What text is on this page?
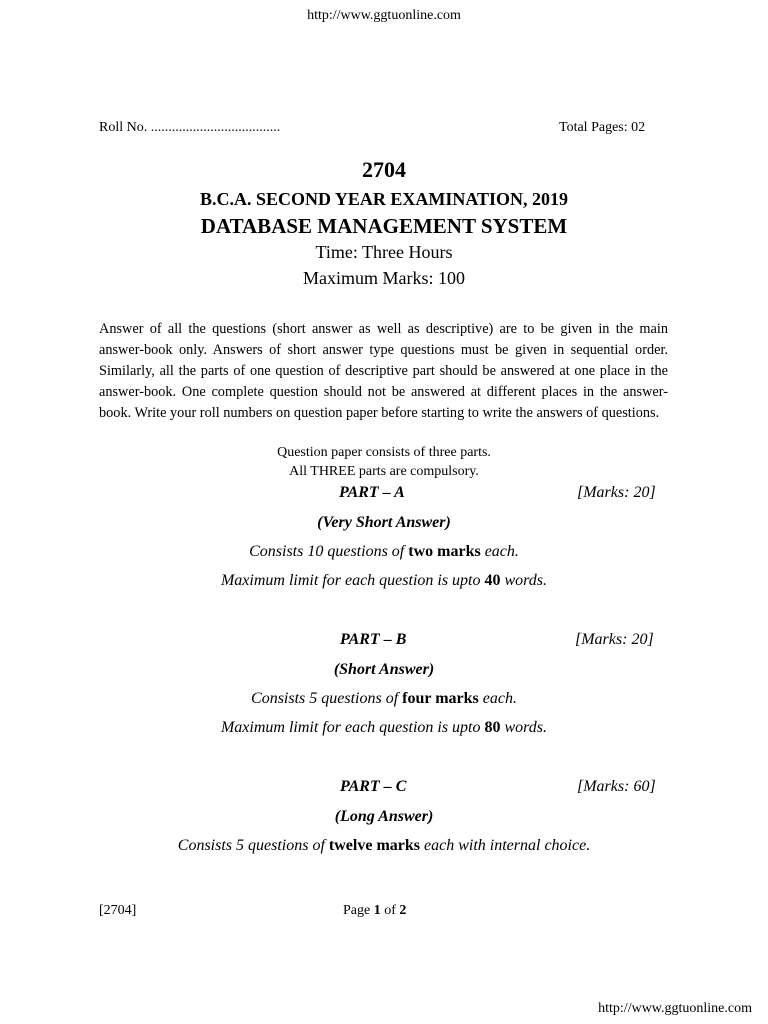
http://www.ggtuonline.com
Roll No. .....................................	Total Pages: 02
2704
B.C.A. SECOND YEAR EXAMINATION, 2019
DATABASE MANAGEMENT SYSTEM
Time: Three Hours
Maximum Marks: 100
Answer of all the questions (short answer as well as descriptive) are to be given in the main answer-book only. Answers of short answer type questions must be given in sequential order. Similarly, all the parts of one question of descriptive part should be answered at one place in the answer-book. One complete question should not be answered at different places in the answer-book. Write your roll numbers on question paper before starting to write the answers of questions.
Question paper consists of three parts.
All THREE parts are compulsory.
PART – A	[Marks: 20]
(Very Short Answer)
Consists 10 questions of two marks each.
Maximum limit for each question is upto 40 words.
PART – B	[Marks: 20]
(Short Answer)
Consists 5 questions of four marks each.
Maximum limit for each question is upto 80 words.
PART – C	[Marks: 60]
(Long Answer)
Consists 5 questions of twelve marks each with internal choice.
[2704]	Page 1 of 2
http://www.ggtuonline.com
